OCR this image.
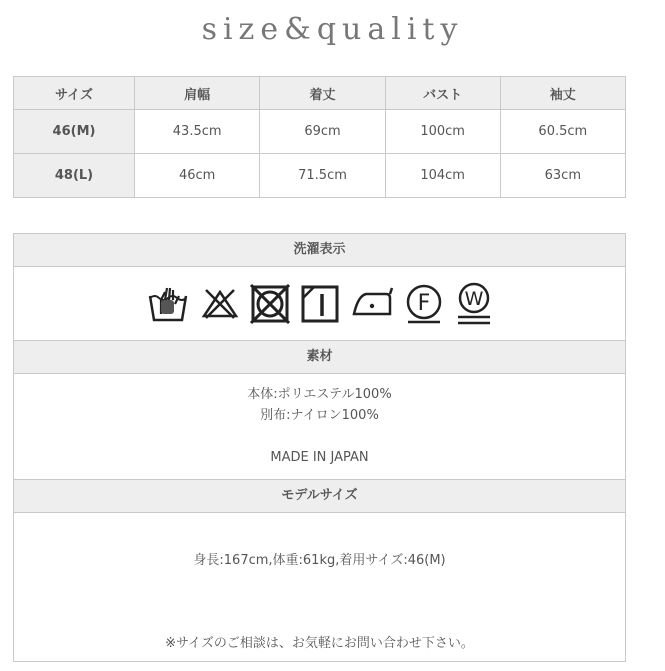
size&quality
サイズ	肩幅	着丈	バスト	袖丈
46(M)	43.5cm	69cm	100cm	60.5cm
48(L)	46cm	71.5cm	104cm	63cm
洗濯表示
F W
素材
本体:ポリエステル100%
別布:ナイロン100%

MADE IN JAPAN
モデルサイズ
身長:167cm,体重:61kg,着用サイズ:46(M)
※サイズのご相談は、お気軽にお問い合わせ下さい。
